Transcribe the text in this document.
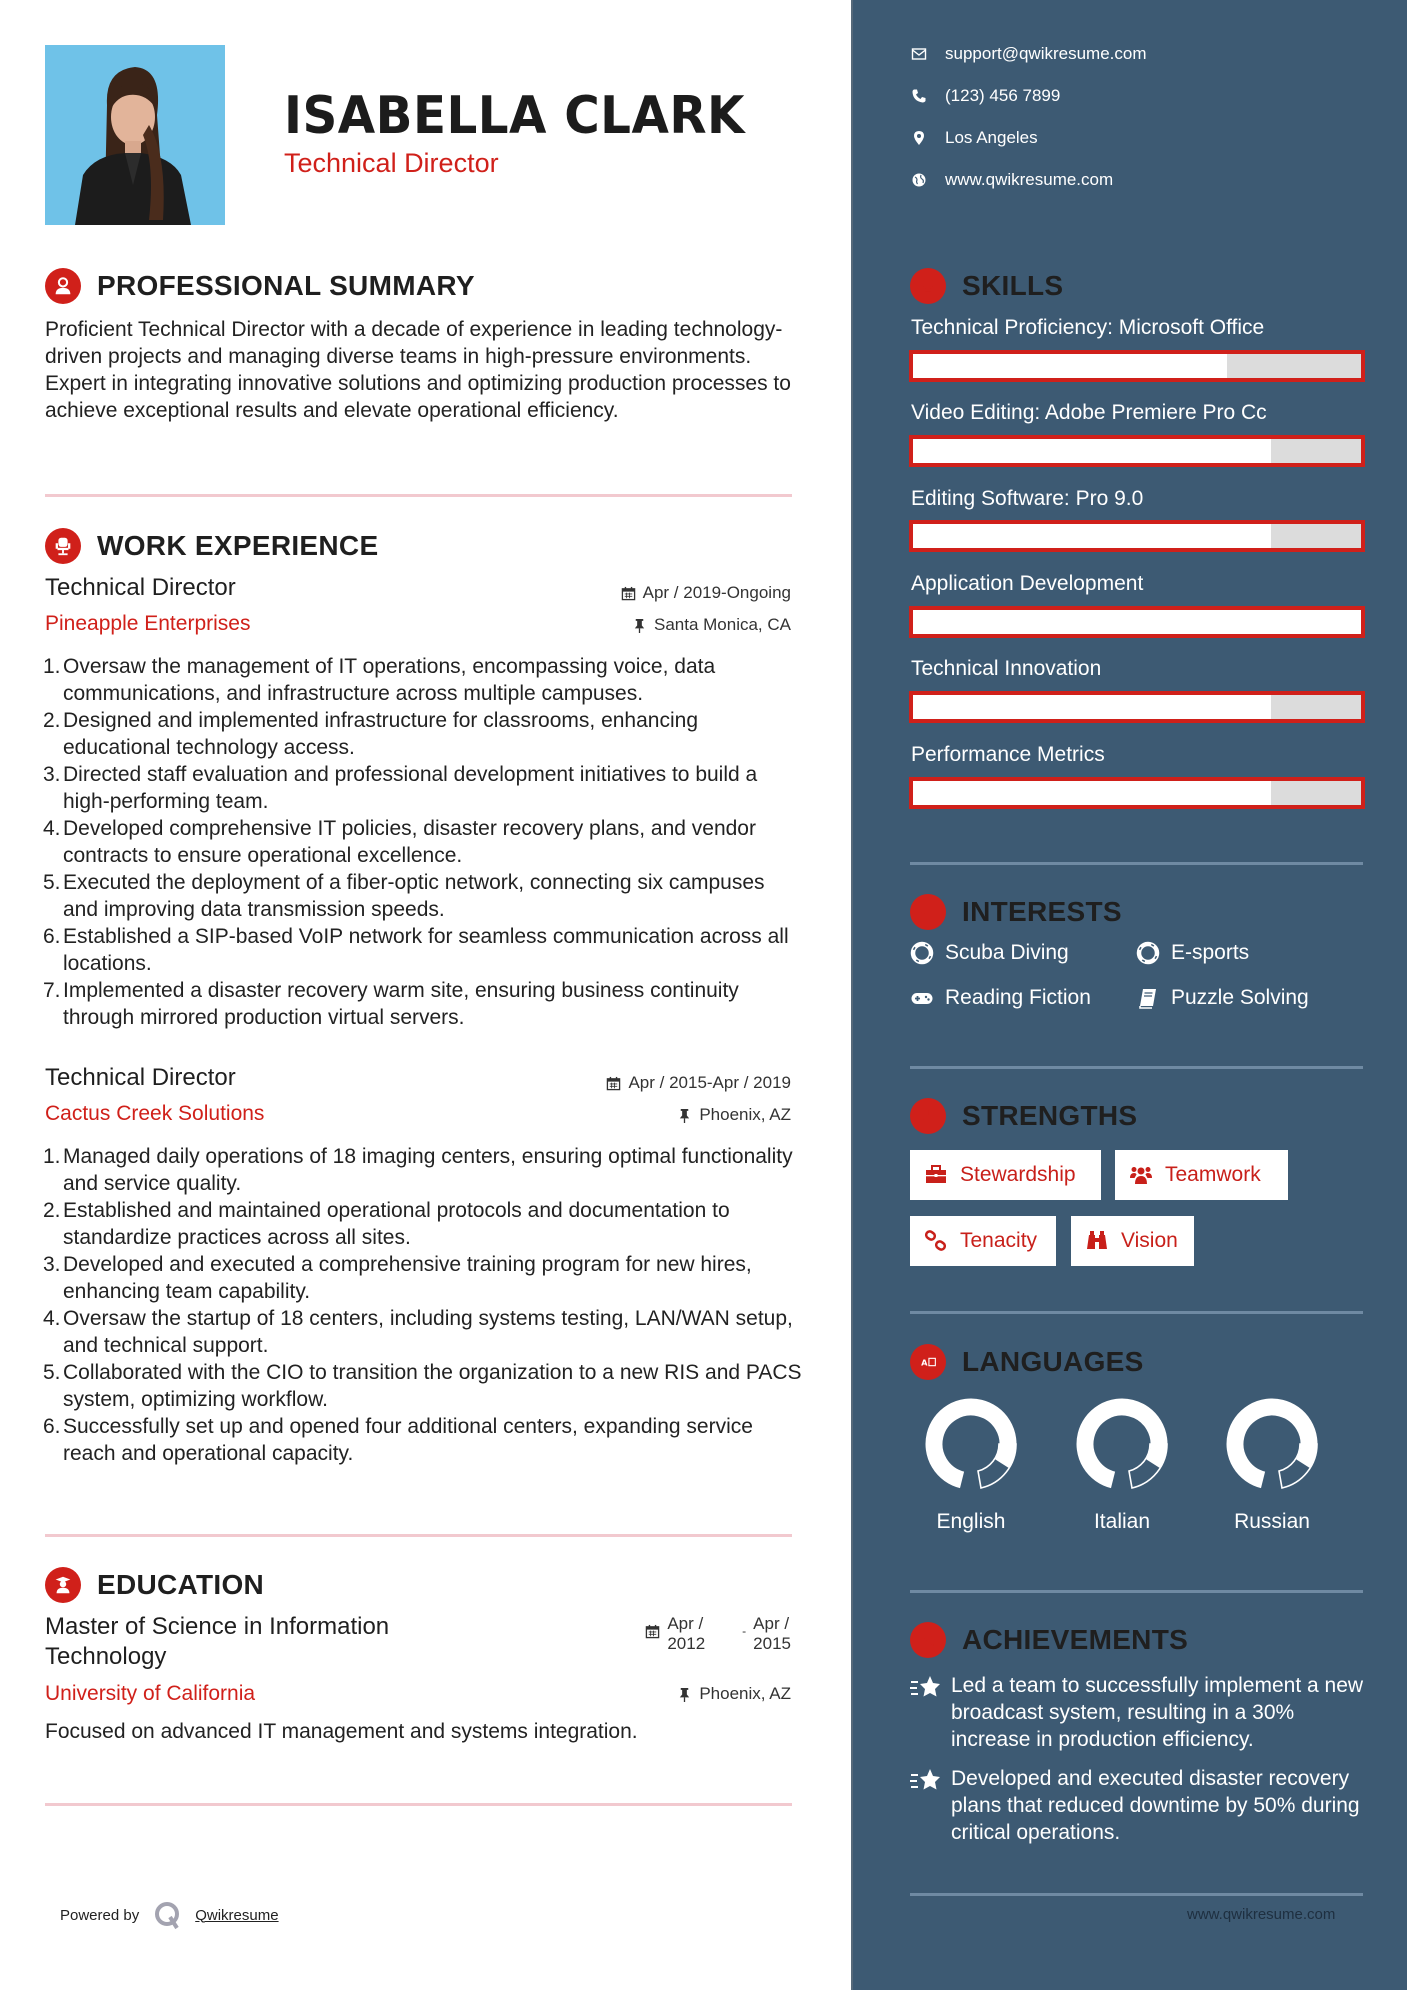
ISABELLA CLARK
Technical Director
PROFESSIONAL SUMMARY
Proficient Technical Director with a decade of experience in leading technology-driven projects and managing diverse teams in high-pressure environments. Expert in integrating innovative solutions and optimizing production processes to achieve exceptional results and elevate operational efficiency.
WORK EXPERIENCE
Technical Director	Apr / 2019-Ongoing
Pineapple Enterprises	Santa Monica, CA
1. Oversaw the management of IT operations, encompassing voice, data communications, and infrastructure across multiple campuses.
2. Designed and implemented infrastructure for classrooms, enhancing educational technology access.
3. Directed staff evaluation and professional development initiatives to build a high-performing team.
4. Developed comprehensive IT policies, disaster recovery plans, and vendor contracts to ensure operational excellence.
5. Executed the deployment of a fiber-optic network, connecting six campuses and improving data transmission speeds.
6. Established a SIP-based VoIP network for seamless communication across all locations.
7. Implemented a disaster recovery warm site, ensuring business continuity through mirrored production virtual servers.
Technical Director	Apr / 2015-Apr / 2019
Cactus Creek Solutions	Phoenix, AZ
1. Managed daily operations of 18 imaging centers, ensuring optimal functionality and service quality.
2. Established and maintained operational protocols and documentation to standardize practices across all sites.
3. Developed and executed a comprehensive training program for new hires, enhancing team capability.
4. Oversaw the startup of 18 centers, including systems testing, LAN/WAN setup, and technical support.
5. Collaborated with the CIO to transition the organization to a new RIS and PACS system, optimizing workflow.
6. Successfully set up and opened four additional centers, expanding service reach and operational capacity.
EDUCATION
Master of Science in Information Technology
Apr /
2012
- Apr /
2015
University of California	Phoenix, AZ
Focused on advanced IT management and systems integration.
Powered by	Qwikresume
support@qwikresume.com
(123) 456 7899
Los Angeles
www.qwikresume.com
SKILLS
Technical Proficiency: Microsoft Office
Video Editing: Adobe Premiere Pro Cc
Editing Software: Pro 9.0
Application Development
Technical Innovation
Performance Metrics
INTERESTS
Scuba Diving	E-sports
Reading Fiction	Puzzle Solving
STRENGTHS
Stewardship	Teamwork
Tenacity	Vision
A LANGUAGES
English	Italian	Russian
ACHIEVEMENTS
Led a team to successfully implement a new broadcast system, resulting in a 30% increase in production efficiency.
Developed and executed disaster recovery plans that reduced downtime by 50% during critical operations.
www.qwikresume.com
